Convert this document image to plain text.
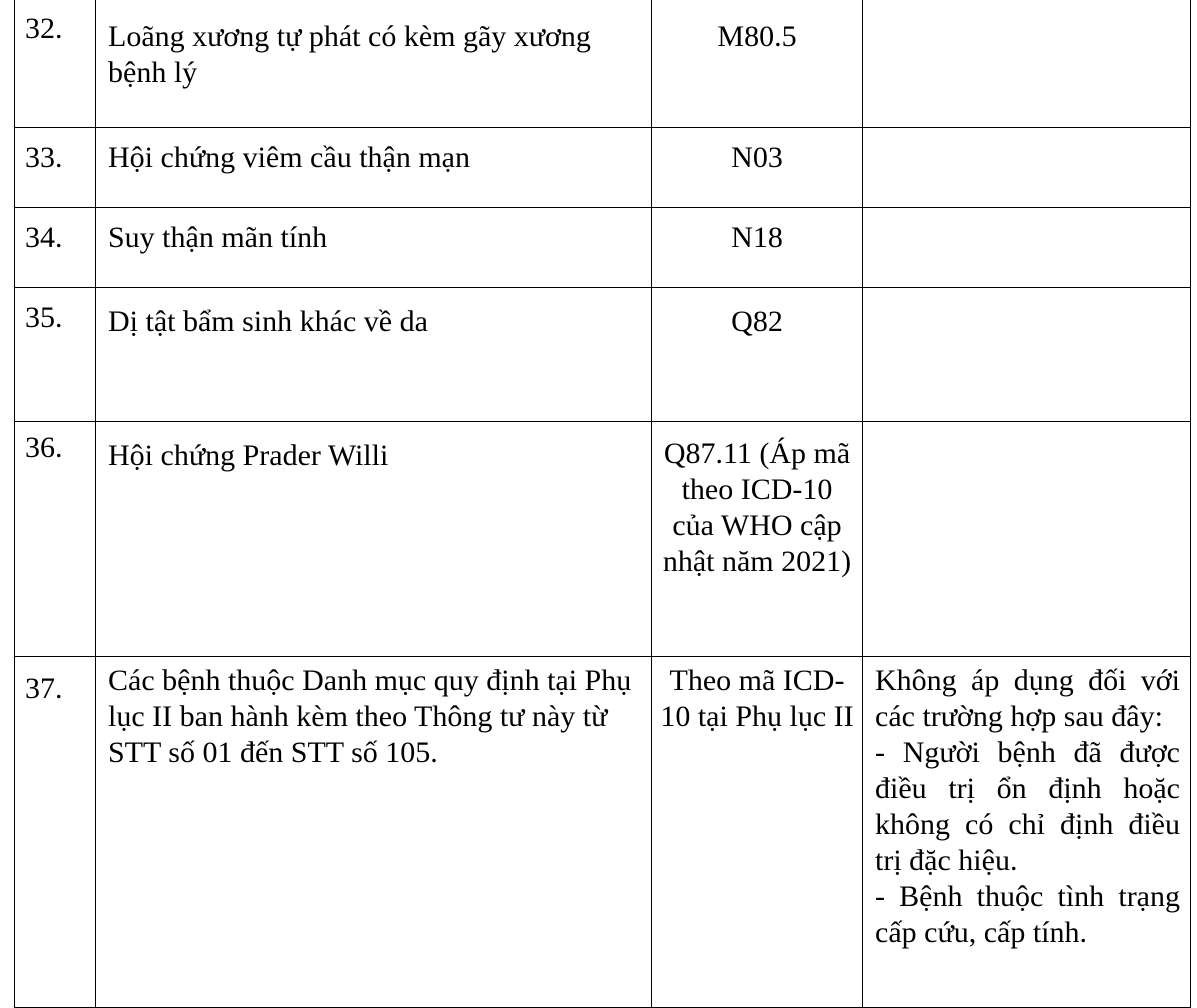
32.	Loãng xương tự phát có kèm gãy xương bệnh lý	M80.5	
33.	Hội chứng viêm cầu thận mạn	N03	
34.	Suy thận mãn tính	N18	
35.	Dị tật bẩm sinh khác về da	Q82	
36.	Hội chứng Prader Willi	Q87.11 (Áp mã theo ICD-10 của WHO cập nhật năm 2021)	
37.	Các bệnh thuộc Danh mục quy định tại Phụ lục II ban hành kèm theo Thông tư này từ STT số 01 đến STT số 105.	Theo mã ICD-10 tại Phụ lục II	Không áp dụng đối với các trường hợp sau đây:
- Người bệnh đã được điều trị ổn định hoặc không có chỉ định điều trị đặc hiệu.
- Bệnh thuộc tình trạng cấp cứu, cấp tính.
